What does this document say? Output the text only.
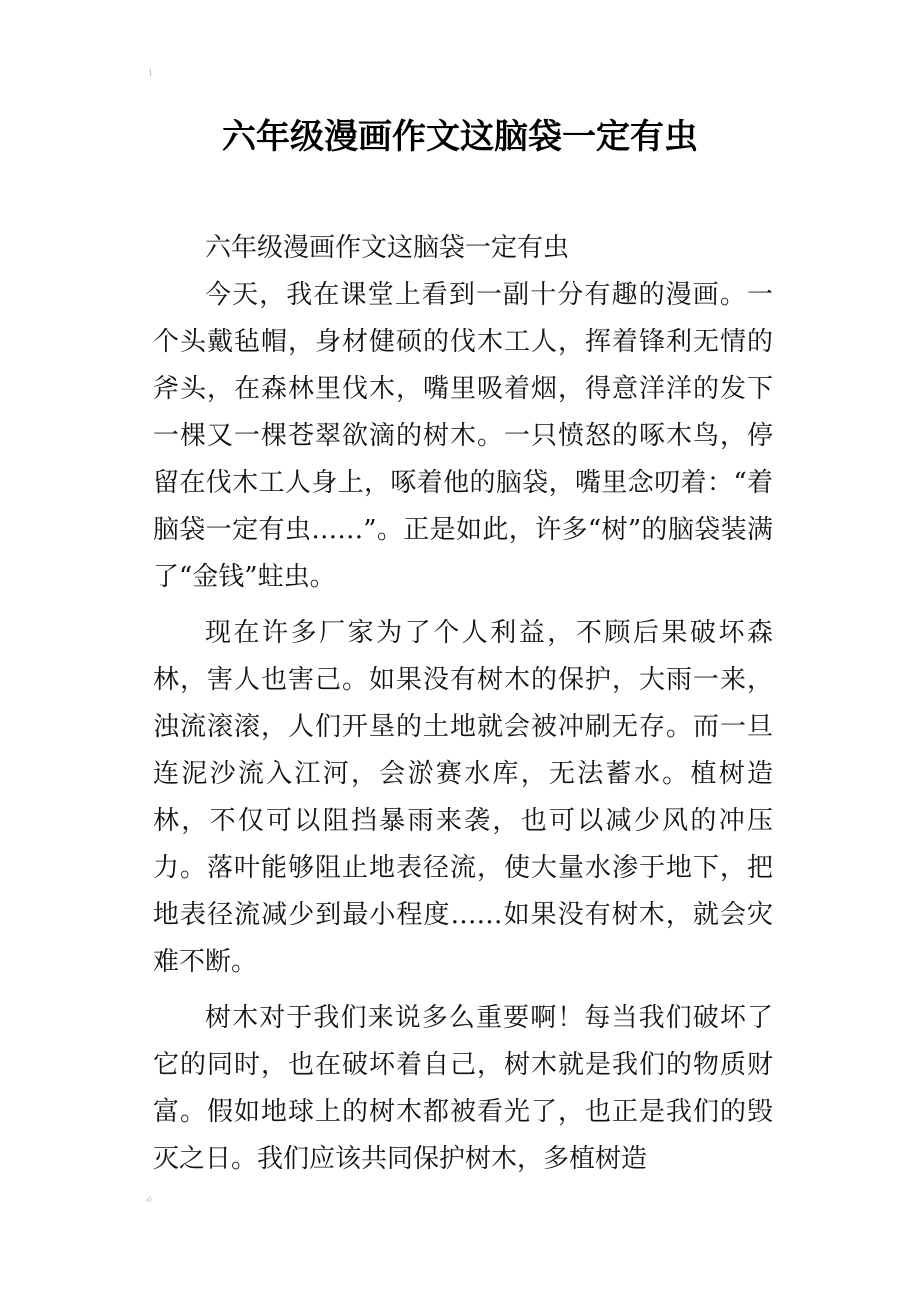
六年级漫画作文这脑袋一定有虫

六年级漫画作文这脑袋一定有虫

今天，我在课堂上看到一副十分有趣的漫画。一个头戴毡帽，身材健硕的伐木工人，挥着锋利无情的斧头，在森林里伐木，嘴里吸着烟，得意洋洋的发下一棵又一棵苍翠欲滴的树木。一只愤怒的啄木鸟，停留在伐木工人身上，啄着他的脑袋，嘴里念叨着：“着脑袋一定有虫……”。正是如此，许多“树”的脑袋装满了“金钱”蛀虫。

现在许多厂家为了个人利益，不顾后果破坏森林，害人也害己。如果没有树木的保护，大雨一来，浊流滚滚，人们开垦的土地就会被冲刷无存。而一旦连泥沙流入江河，会淤赛水库，无法蓄水。植树造林，不仅可以阻挡暴雨来袭，也可以减少风的冲压力。落叶能够阻止地表径流，使大量水渗于地下，把地表径流减少到最小程度……如果没有树木，就会灾难不断。

树木对于我们来说多么重要啊！每当我们破坏了它的同时，也在破坏着自己，树木就是我们的物质财富。假如地球上的树木都被看光了，也正是我们的毁灭之日。我们应该共同保护树木，多植树造
